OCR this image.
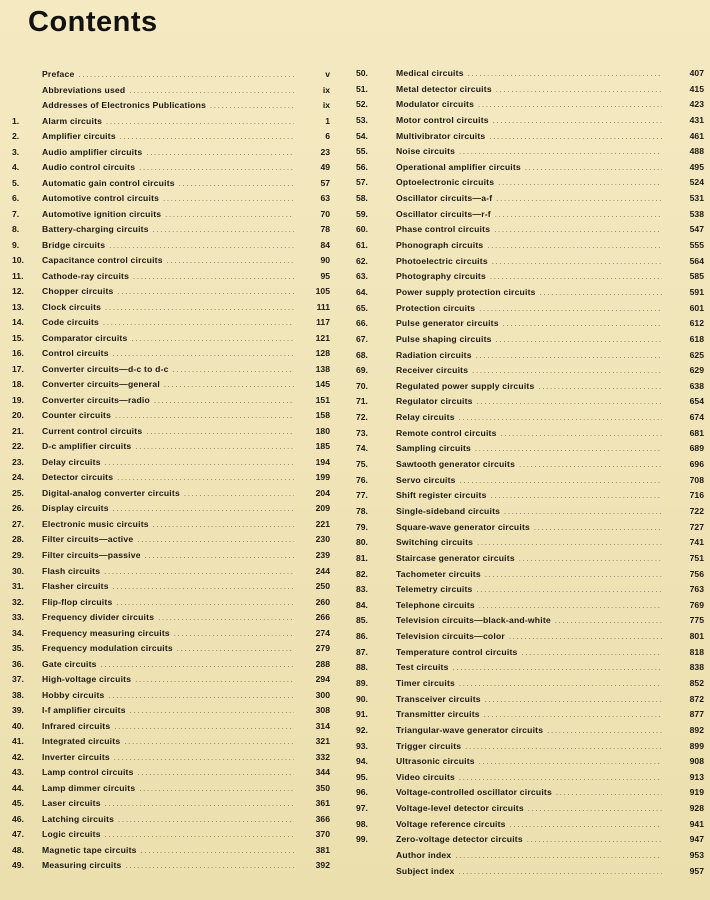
Contents
Preface . . .	v
Abbreviations used . . .	ix
Addresses of Electronics Publications . . .	ix
1.	Alarm circuits . . .	1
2.	Amplifier circuits . . .	6
3.	Audio amplifier circuits . . .	23
4.	Audio control circuits . . .	49
5.	Automatic gain control circuits . . .	57
6.	Automotive control circuits . . .	63
7.	Automotive ignition circuits . . .	70
8.	Battery-charging circuits . . .	78
9.	Bridge circuits . . .	84
10.	Capacitance control circuits . . .	90
11.	Cathode-ray circuits . . .	95
12.	Chopper circuits . . .	105
13.	Clock circuits . . .	111
14.	Code circuits . . .	117
15.	Comparator circuits . . .	121
16.	Control circuits . . .	128
17.	Converter circuits—d-c to d-c . . .	138
18.	Converter circuits—general . . .	145
19.	Converter circuits—radio . . .	151
20.	Counter circuits . . .	158
21.	Current control circuits . . .	180
22.	D-c amplifier circuits . . .	185
23.	Delay circuits . . .	194
24.	Detector circuits . . .	199
25.	Digital-analog converter circuits . . .	204
26.	Display circuits . . .	209
27.	Electronic music circuits . . .	221
28.	Filter circuits—active . . .	230
29.	Filter circuits—passive . . .	239
30.	Flash circuits . . .	244
31.	Flasher circuits . . .	250
32.	Flip-flop circuits . . .	260
33.	Frequency divider circuits . . .	266
34.	Frequency measuring circuits . . .	274
35.	Frequency modulation circuits . . .	279
36.	Gate circuits . . .	288
37.	High-voltage circuits . . .	294
38.	Hobby circuits . . .	300
39.	I-f amplifier circuits . . .	308
40.	Infrared circuits . . .	314
41.	Integrated circuits . . .	321
42.	Inverter circuits . . .	332
43.	Lamp control circuits . . .	344
44.	Lamp dimmer circuits . . .	350
45.	Laser circuits . . .	361
46.	Latching circuits . . .	366
47.	Logic circuits . . .	370
48.	Magnetic tape circuits . . .	381
49.	Measuring circuits . . .	392
50.	Medical circuits . . .	407
51.	Metal detector circuits . . .	415
52.	Modulator circuits . . .	423
53.	Motor control circuits . . .	431
54.	Multivibrator circuits . . .	461
55.	Noise circuits . . .	488
56.	Operational amplifier circuits . . .	495
57.	Optoelectronic circuits . . .	524
58.	Oscillator circuits—a-f . . .	531
59.	Oscillator circuits—r-f . . .	538
60.	Phase control circuits . . .	547
61.	Phonograph circuits . . .	555
62.	Photoelectric circuits . . .	564
63.	Photography circuits . . .	585
64.	Power supply protection circuits . . .	591
65.	Protection circuits . . .	601
66.	Pulse generator circuits . . .	612
67.	Pulse shaping circuits . . .	618
68.	Radiation circuits . . .	625
69.	Receiver circuits . . .	629
70.	Regulated power supply circuits . . .	638
71.	Regulator circuits . . .	654
72.	Relay circuits . . .	674
73.	Remote control circuits . . .	681
74.	Sampling circuits . . .	689
75.	Sawtooth generator circuits . . .	696
76.	Servo circuits . . .	708
77.	Shift register circuits . . .	716
78.	Single-sideband circuits . . .	722
79.	Square-wave generator circuits . . .	727
80.	Switching circuits . . .	741
81.	Staircase generator circuits . . .	751
82.	Tachometer circuits . . .	756
83.	Telemetry circuits . . .	763
84.	Telephone circuits . . .	769
85.	Television circuits—black-and-white . . .	775
86.	Television circuits—color . . .	801
87.	Temperature control circuits . . .	818
88.	Test circuits . . .	838
89.	Timer circuits . . .	852
90.	Transceiver circuits . . .	872
91.	Transmitter circuits . . .	877
92.	Triangular-wave generator circuits . . .	892
93.	Trigger circuits . . .	899
94.	Ultrasonic circuits . . .	908
95.	Video circuits . . .	913
96.	Voltage-controlled oscillator circuits . . .	919
97.	Voltage-level detector circuits . . .	928
98.	Voltage reference circuits . . .	941
99.	Zero-voltage detector circuits . . .	947
Author index . . .	953
Subject index . . .	957
